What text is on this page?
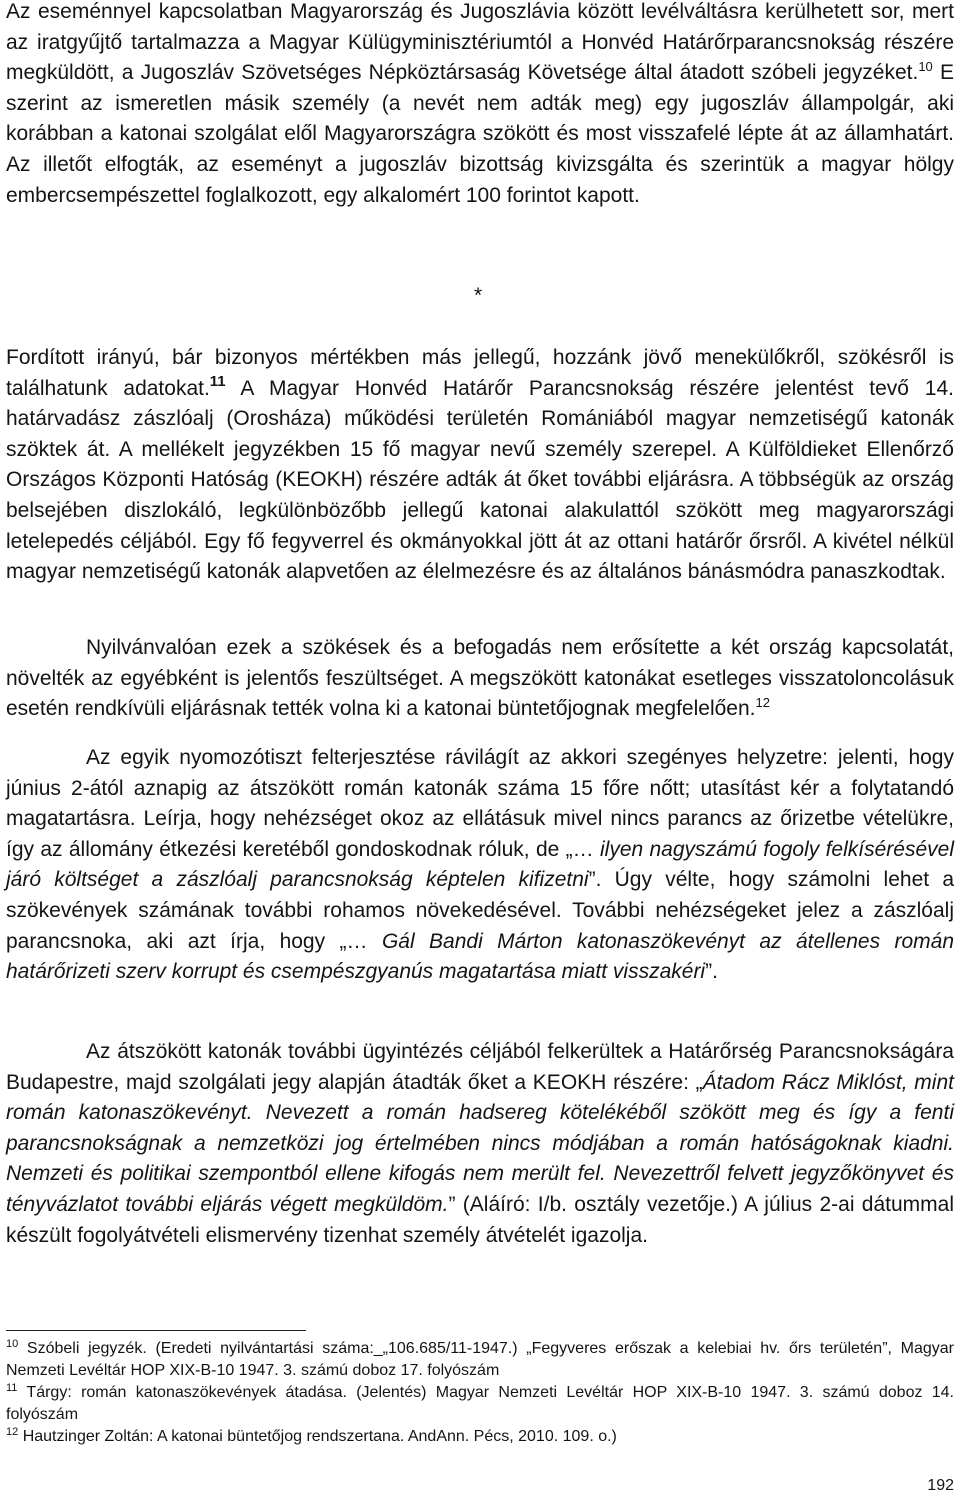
Az eseménnyel kapcsolatban Magyarország és Jugoszlávia között levélváltásra kerülhetett sor, mert az iratgyűjtő tartalmazza a Magyar Külügyminisztériumtól a Honvéd Határőrparancsnokság részére megküldött, a Jugoszláv Szövetséges Népköztársaság Követsége által átadott szóbeli jegyzéket.$^{10}$ E szerint az ismeretlen másik személy (a nevét nem adták meg) egy jugoszláv állampolgár, aki korábban a katonai szolgálat elől Magyarországra szökött és most visszafelé lépte át az államhatárt. Az illetőt elfogták, az eseményt a jugoszláv bizottság kivizsgálta és szerintük a magyar hölgy embercsempészettel foglalkozott, egy alkalomért 100 forintot kapott.

*

Fordított irányú, bár bizonyos mértékben más jellegű, hozzánk jövő menekülőkről, szökésről is találhatunk adatokat.$^{11}$ A Magyar Honvéd Határőr Parancsnokság részére jelentést tevő 14. határvadász zászlóalj (Orosháza) működési területén Romániából magyar nemzetiségű katonák szöktek át. A mellékelt jegyzékben 15 fő magyar nevű személy szerepel. A Külföldieket Ellenőrző Országos Központi Hatóság (KEOKH) részére adták át őket további eljárásra. A többségük az ország belsejében diszlokáló, legkülönbözőbb jellegű katonai alakulattól szökött meg magyarországi letelepedés céljából. Egy fő fegyverrel és okmányokkal jött át az ottani határőr őrsről. A kivétel nélkül magyar nemzetiségű katonák alapvetően az élelmezésre és az általános bánásmódra panaszkodtak.

Nyilvánvalóan ezek a szökések és a befogadás nem erősítette a két ország kapcsolatát, növelték az egyébként is jelentős feszültséget. A megszökött katonákat esetleges visszatoloncolásuk esetén rendkívüli eljárásnak tették volna ki a katonai büntetőjognak megfelelően.$^{12}$

Az egyik nyomozótiszt felterjesztése rávilágít az akkori szegényes helyzetre: jelenti, hogy június 2-ától aznapig az átszökött román katonák száma 15 főre nőtt; utasítást kér a folytatandó magatartásra. Leírja, hogy nehézséget okoz az ellátásuk mivel nincs parancs az őrizetbe vételükre, így az állomány étkezési keretéből gondoskodnak róluk, de „… ilyen nagyszámú fogoly felkísérésével járó költséget a zászlóalj parancsnokság képtelen kifizetni”. Úgy vélte, hogy számolni lehet a szökevények számának további rohamos növekedésével. További nehézségeket jelez a zászlóalj parancsnoka, aki azt írja, hogy „… Gál Bandi Márton katonaszökevényt az átellenes román határőrizeti szerv korrupt és csempészgyanús magatartása miatt visszakéri”.

Az átszökött katonák további ügyintézés céljából felkerültek a Határőrség Parancsnokságára Budapestre, majd szolgálati jegy alapján átadták őket a KEOKH részére: „Átadom Rácz Miklóst, mint román katonaszökevényt. Nevezett a román hadsereg kötelékéből szökött meg és így a fenti parancsnokságnak a nemzetközi jog értelmében nincs módjában a román hatóságoknak kiadni. Nemzeti és politikai szempontból ellene kifogás nem merült fel. Nevezettről felvett jegyzőkönyvet és tényvázlatot további eljárás végett megküldöm.” (Aláíró: I/b. osztály vezetője.) A július 2-ai dátummal készült fogolyátvételi elismervény tizenhat személy átvételét igazolja.

$^{10}$ Szóbeli jegyzék. (Eredeti nyilvántartási száma:_„106.685/11-1947.) „Fegyveres erőszak a kelebiai hv. őrs területén”, Magyar Nemzeti Levéltár HOP XIX-B-10 1947. 3. számú doboz 17. folyószám

$^{11}$ Tárgy: román katonaszökevények átadása. (Jelentés) Magyar Nemzeti Levéltár HOP XIX-B-10 1947. 3. számú doboz 14. folyószám

$^{12}$ Hautzinger Zoltán: A katonai büntetőjog rendszertana. AndAnn. Pécs, 2010. 109. o.)

192
